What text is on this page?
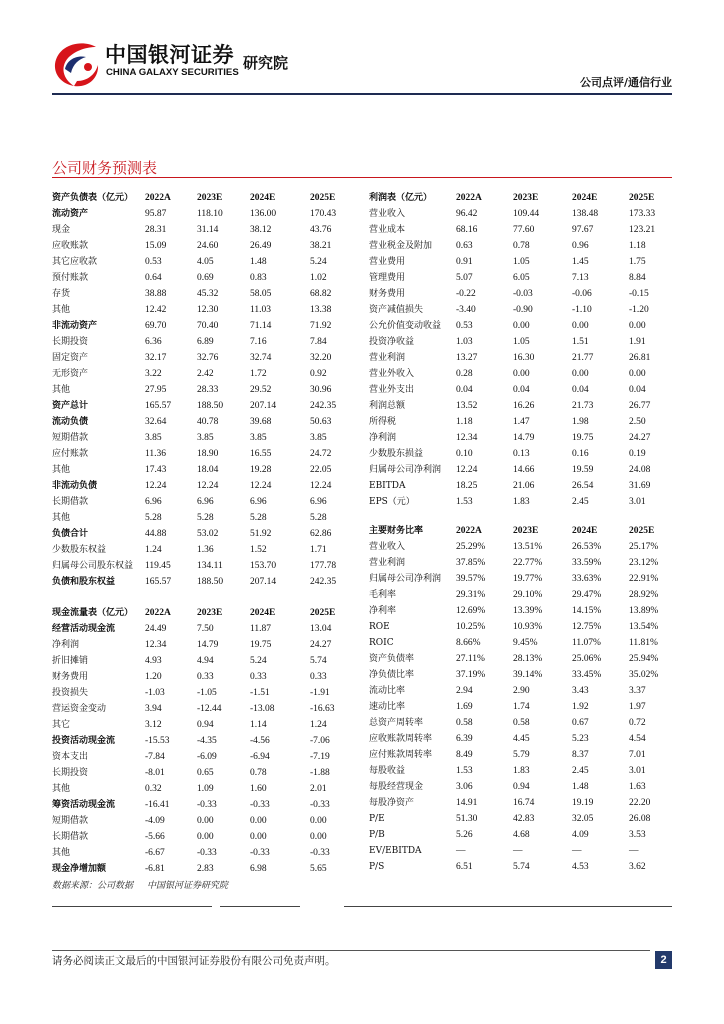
中国银河证券
CHINA GALAXY SECURITIES
研究院
公司点评/通信行业
公司财务预测表
资产负债表（亿元）	2022A	2023E	2024E	2025E
流动资产	95.87	118.10	136.00	170.43
现金	28.31	31.14	38.12	43.76
应收账款	15.09	24.60	26.49	38.21
其它应收款	0.53	4.05	1.48	5.24
预付账款	0.64	0.69	0.83	1.02
存货	38.88	45.32	58.05	68.82
其他	12.42	12.30	11.03	13.38
非流动资产	69.70	70.40	71.14	71.92
长期投资	6.36	6.89	7.16	7.84
固定资产	32.17	32.76	32.74	32.20
无形资产	3.22	2.42	1.72	0.92
其他	27.95	28.33	29.52	30.96
资产总计	165.57	188.50	207.14	242.35
流动负债	32.64	40.78	39.68	50.63
短期借款	3.85	3.85	3.85	3.85
应付账款	11.36	18.90	16.55	24.72
其他	17.43	18.04	19.28	22.05
非流动负债	12.24	12.24	12.24	12.24
长期借款	6.96	6.96	6.96	6.96
其他	5.28	5.28	5.28	5.28
负债合计	44.88	53.02	51.92	62.86
少数股东权益	1.24	1.36	1.52	1.71
归属母公司股东权益	119.45	134.11	153.70	177.78
负债和股东权益	165.57	188.50	207.14	242.35
现金流量表（亿元）	2022A	2023E	2024E	2025E
经营活动现金流	24.49	7.50	11.87	13.04
净利润	12.34	14.79	19.75	24.27
折旧摊销	4.93	4.94	5.24	5.74
财务费用	1.20	0.33	0.33	0.33
投资损失	-1.03	-1.05	-1.51	-1.91
营运资金变动	3.94	-12.44	-13.08	-16.63
其它	3.12	0.94	1.14	1.24
投资活动现金流	-15.53	-4.35	-4.56	-7.06
资本支出	-7.84	-6.09	-6.94	-7.19
长期投资	-8.01	0.65	0.78	-1.88
其他	0.32	1.09	1.60	2.01
筹资活动现金流	-16.41	-0.33	-0.33	-0.33
短期借款	-4.09	0.00	0.00	0.00
长期借款	-5.66	0.00	0.00	0.00
其他	-6.67	-0.33	-0.33	-0.33
现金净增加额	-6.81	2.83	6.98	5.65
利润表（亿元）	2022A	2023E	2024E	2025E
营业收入	96.42	109.44	138.48	173.33
营业成本	68.16	77.60	97.67	123.21
营业税金及附加	0.63	0.78	0.96	1.18
营业费用	0.91	1.05	1.45	1.75
管理费用	5.07	6.05	7.13	8.84
财务费用	-0.22	-0.03	-0.06	-0.15
资产减值损失	-3.40	-0.90	-1.10	-1.20
公允价值变动收益	0.53	0.00	0.00	0.00
投资净收益	1.03	1.05	1.51	1.91
营业利润	13.27	16.30	21.77	26.81
营业外收入	0.28	0.00	0.00	0.00
营业外支出	0.04	0.04	0.04	0.04
利润总额	13.52	16.26	21.73	26.77
所得税	1.18	1.47	1.98	2.50
净利润	12.34	14.79	19.75	24.27
少数股东损益	0.10	0.13	0.16	0.19
归属母公司净利润	12.24	14.66	19.59	24.08
EBITDA	18.25	21.06	26.54	31.69
EPS（元）	1.53	1.83	2.45	3.01
主要财务比率	2022A	2023E	2024E	2025E
营业收入	25.29%	13.51%	26.53%	25.17%
营业利润	37.85%	22.77%	33.59%	23.12%
归属母公司净利润	39.57%	19.77%	33.63%	22.91%
毛利率	29.31%	29.10%	29.47%	28.92%
净利率	12.69%	13.39%	14.15%	13.89%
ROE	10.25%	10.93%	12.75%	13.54%
ROIC	8.66%	9.45%	11.07%	11.81%
资产负债率	27.11%	28.13%	25.06%	25.94%
净负债比率	37.19%	39.14%	33.45%	35.02%
流动比率	2.94	2.90	3.43	3.37
速动比率	1.69	1.74	1.92	1.97
总资产周转率	0.58	0.58	0.67	0.72
应收账款周转率	6.39	4.45	5.23	4.54
应付账款周转率	8.49	5.79	8.37	7.01
每股收益	1.53	1.83	2.45	3.01
每股经营现金	3.06	0.94	1.48	1.63
每股净资产	14.91	16.74	19.19	22.20
P/E	51.30	42.83	32.05	26.08
P/B	5.26	4.68	4.09	3.53
EV/EBITDA	—	—	—	—
P/S	6.51	5.74	4.53	3.62
数据来源：公司数据 中国银河证券研究院
请务必阅读正文最后的中国银河证券股份有限公司免责声明。	2
